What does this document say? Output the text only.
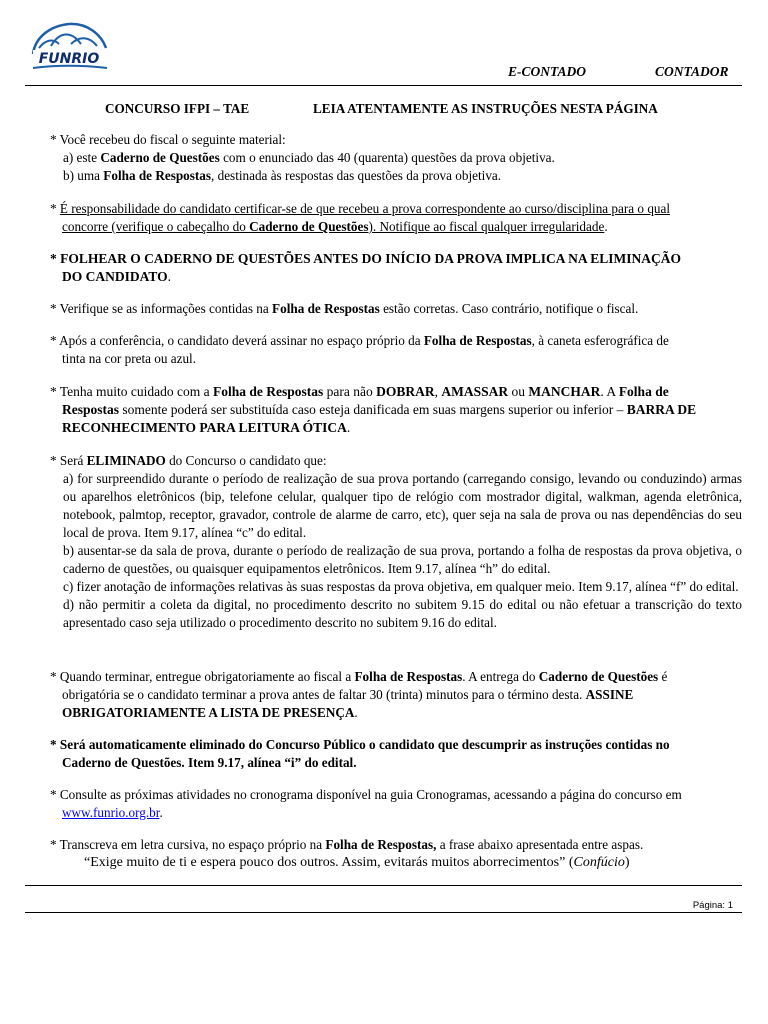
FUNRIO
E-CONTADO	CONTADOR
CONCURSO IFPI – TAE	LEIA ATENTAMENTE AS INSTRUÇÕES NESTA PÁGINA
* Você recebeu do fiscal o seguinte material:
a) este Caderno de Questões com o enunciado das 40 (quarenta) questões da prova objetiva.
b) uma Folha de Respostas, destinada às respostas das questões da prova objetiva.
* É responsabilidade do candidato certificar-se de que recebeu a prova correspondente ao curso/disciplina para o qual
concorre (verifique o cabeçalho do Caderno de Questões). Notifique ao fiscal qualquer irregularidade.
* FOLHEAR O CADERNO DE QUESTÕES ANTES DO INÍCIO DA PROVA IMPLICA NA ELIMINAÇÃO
DO CANDIDATO.
* Verifique se as informações contidas na Folha de Respostas estão corretas. Caso contrário, notifique o fiscal.
* Após a conferência, o candidato deverá assinar no espaço próprio da Folha de Respostas, à caneta esferográfica de
tinta na cor preta ou azul.
* Tenha muito cuidado com a Folha de Respostas para não DOBRAR, AMASSAR ou MANCHAR. A Folha de
Respostas somente poderá ser substituída caso esteja danificada em suas margens superior ou inferior – BARRA DE
RECONHECIMENTO PARA LEITURA ÓTICA.
* Será ELIMINADO do Concurso o candidato que:
a) for surpreendido durante o período de realização de sua prova portando (carregando consigo, levando ou conduzindo) armas ou aparelhos eletrônicos (bip, telefone celular, qualquer tipo de relógio com mostrador digital, walkman, agenda eletrônica, notebook, palmtop, receptor, gravador, controle de alarme de carro, etc), quer seja na sala de prova ou nas dependências do seu local de prova. Item 9.17, alínea “c” do edital.
b) ausentar-se da sala de prova, durante o período de realização de sua prova, portando a folha de respostas da prova objetiva, o caderno de questões, ou quaisquer equipamentos eletrônicos. Item 9.17, alínea “h” do edital.
c) fizer anotação de informações relativas às suas respostas da prova objetiva, em qualquer meio. Item 9.17, alínea “f” do edital.
d) não permitir a coleta da digital, no procedimento descrito no subitem 9.15 do edital ou não efetuar a transcrição do texto apresentado caso seja utilizado o procedimento descrito no subitem 9.16 do edital.
* Quando terminar, entregue obrigatoriamente ao fiscal a Folha de Respostas. A entrega do Caderno de Questões é
obrigatória se o candidato terminar a prova antes de faltar 30 (trinta) minutos para o término desta. ASSINE
OBRIGATORIAMENTE A LISTA DE PRESENÇA.
* Será automaticamente eliminado do Concurso Público o candidato que descumprir as instruções contidas no
Caderno de Questões. Item 9.17, alínea “i” do edital.
* Consulte as próximas atividades no cronograma disponível na guia Cronogramas, acessando a página do concurso em
www.funrio.org.br.
* Transcreva em letra cursiva, no espaço próprio na Folha de Respostas, a frase abaixo apresentada entre aspas.
“Exige muito de ti e espera pouco dos outros. Assim, evitarás muitos aborrecimentos” (Confúcio)
Página: 1
